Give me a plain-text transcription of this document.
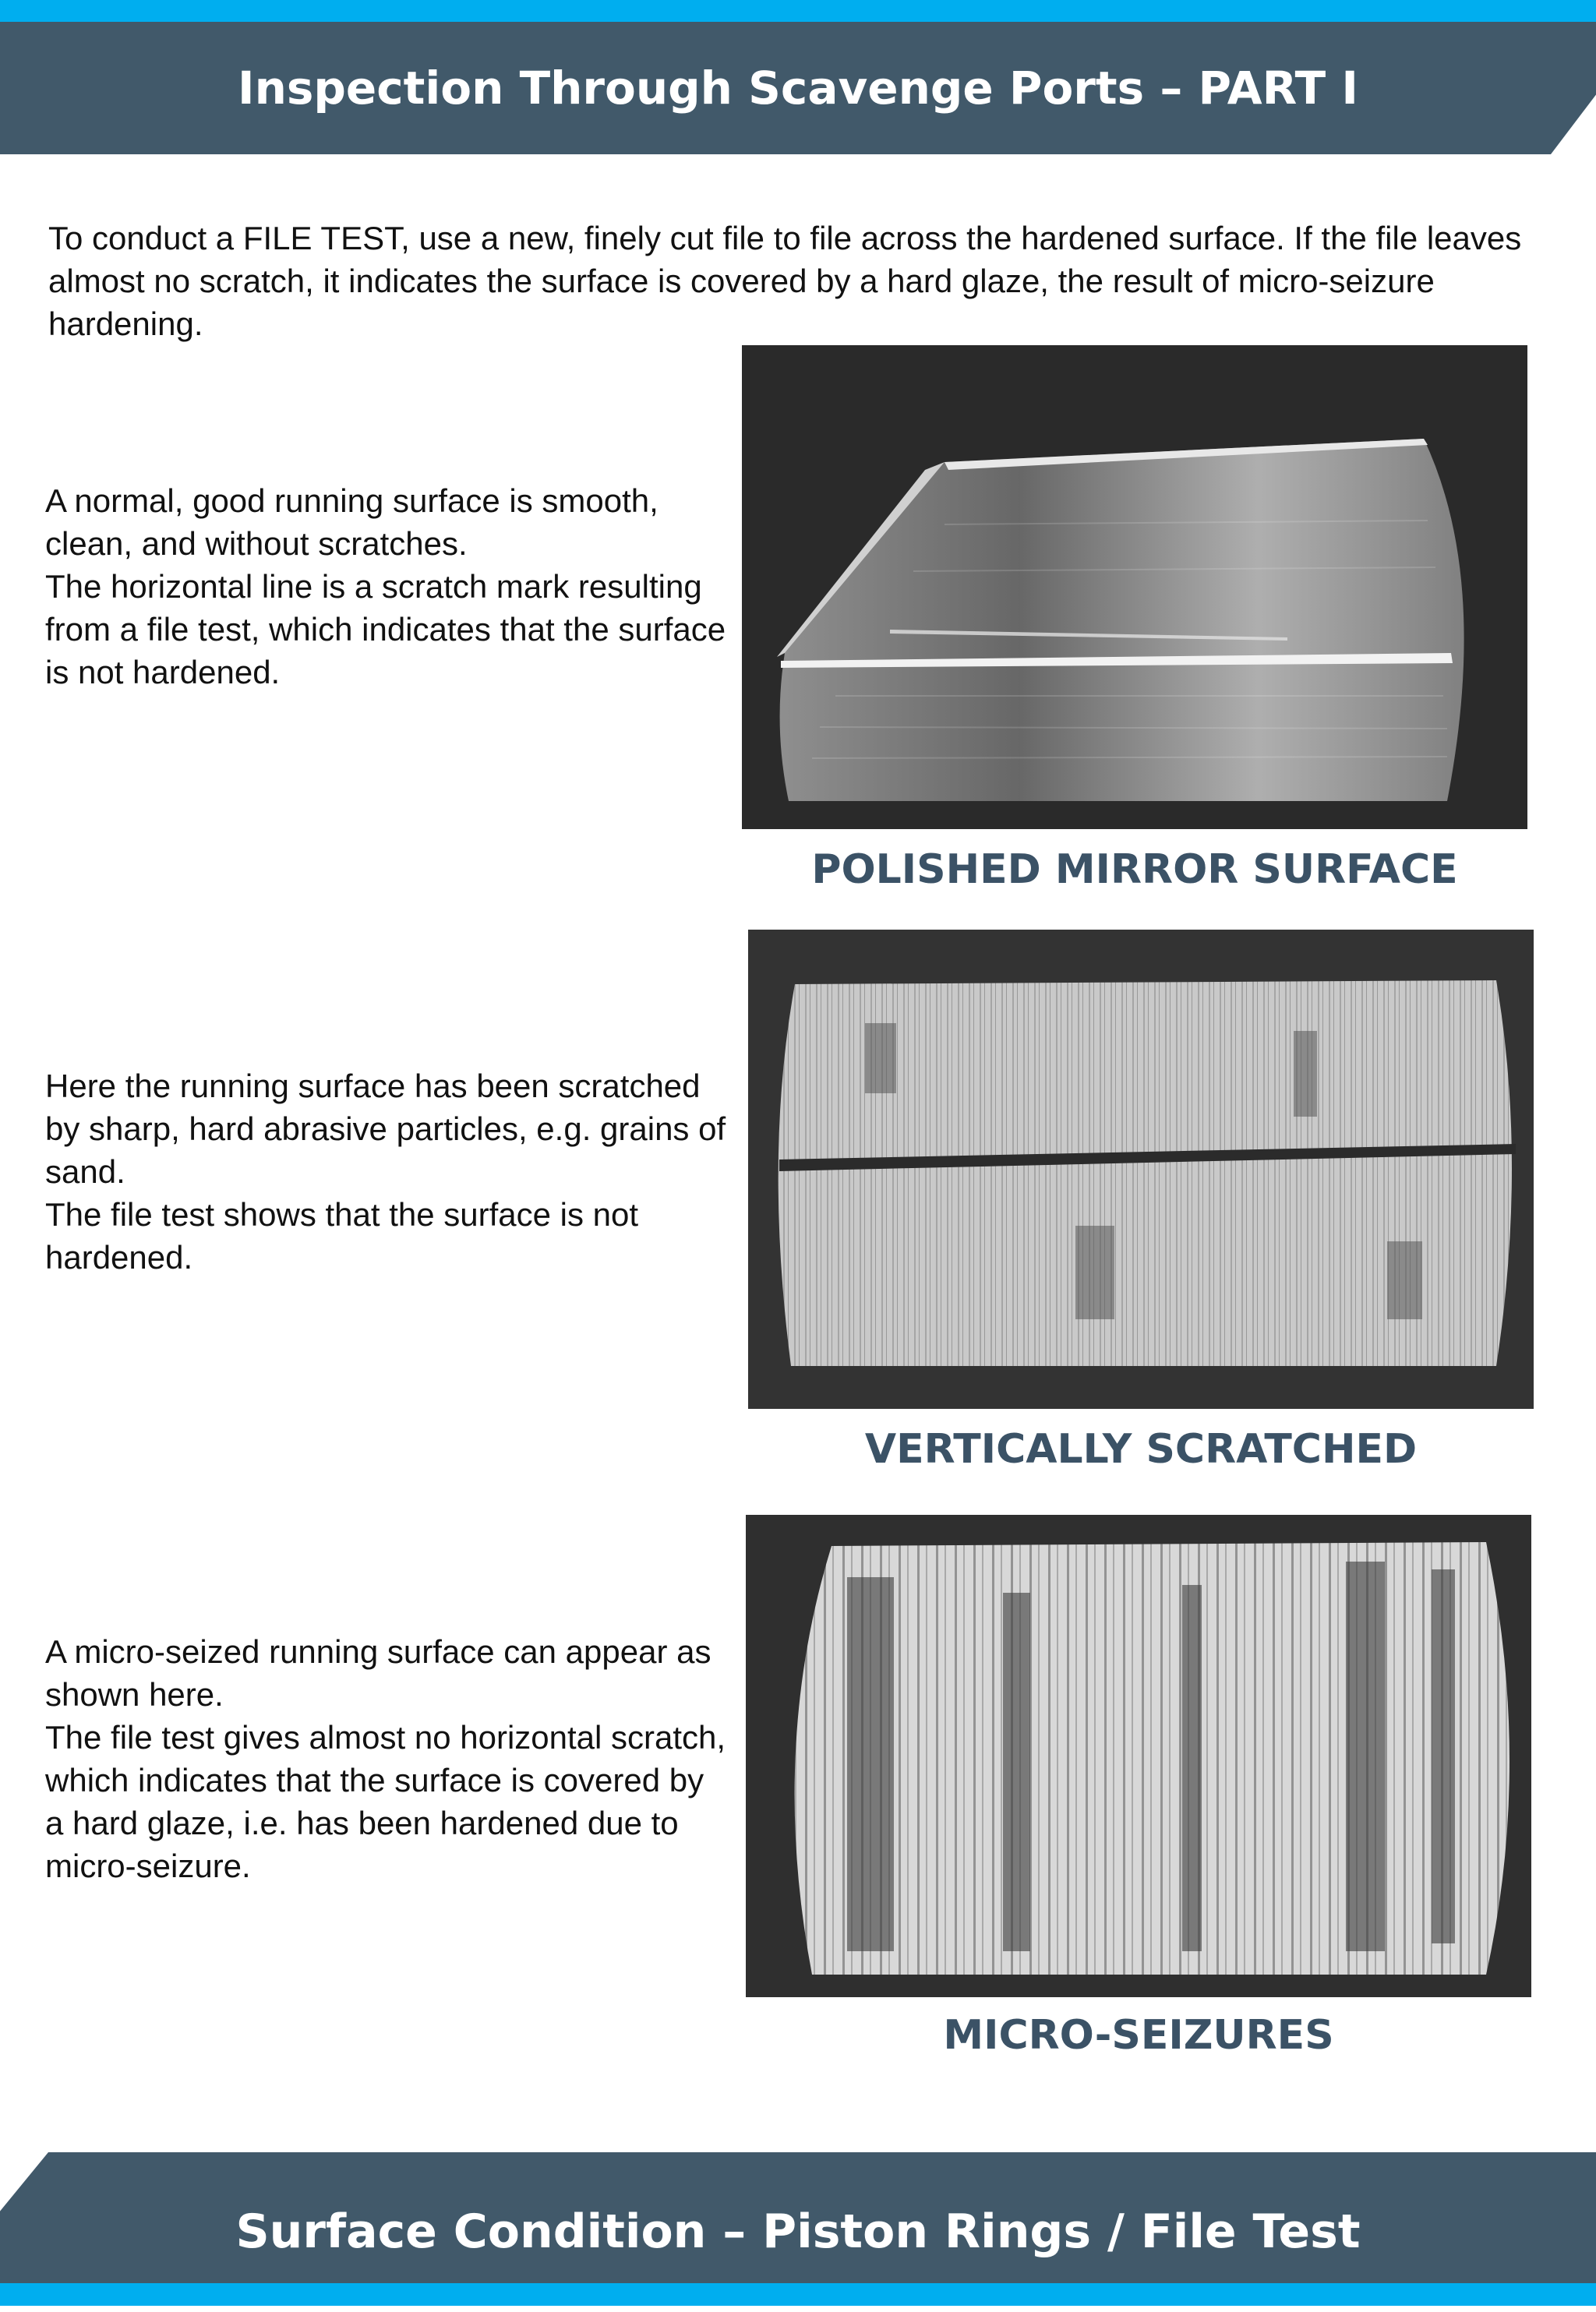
Inspection Through Scavenge Ports – PART I
To conduct a FILE TEST, use a new, finely cut file to file across the hardened surface. If the file leaves almost no scratch, it indicates the surface is covered by a hard glaze, the result of micro-seizure hardening.

A normal, good running surface is smooth, clean, and without scratches.

The horizontal line is a scratch mark resulting from a file test, which indicates that the surface is not hardened.

POLISHED MIRROR SURFACE

Here the running surface has been scratched by sharp, hard abrasive particles, e.g. grains of sand.

The file test shows that the surface is not hardened.

VERTICALLY SCRATCHED

A micro-seized running surface can appear as shown here.

The file test gives almost no horizontal scratch, which indicates that the surface is covered by a hard glaze, i.e. has been hardened due to micro-seizure.

MICRO-SEIZURES
Surface Condition – Piston Rings / File Test
